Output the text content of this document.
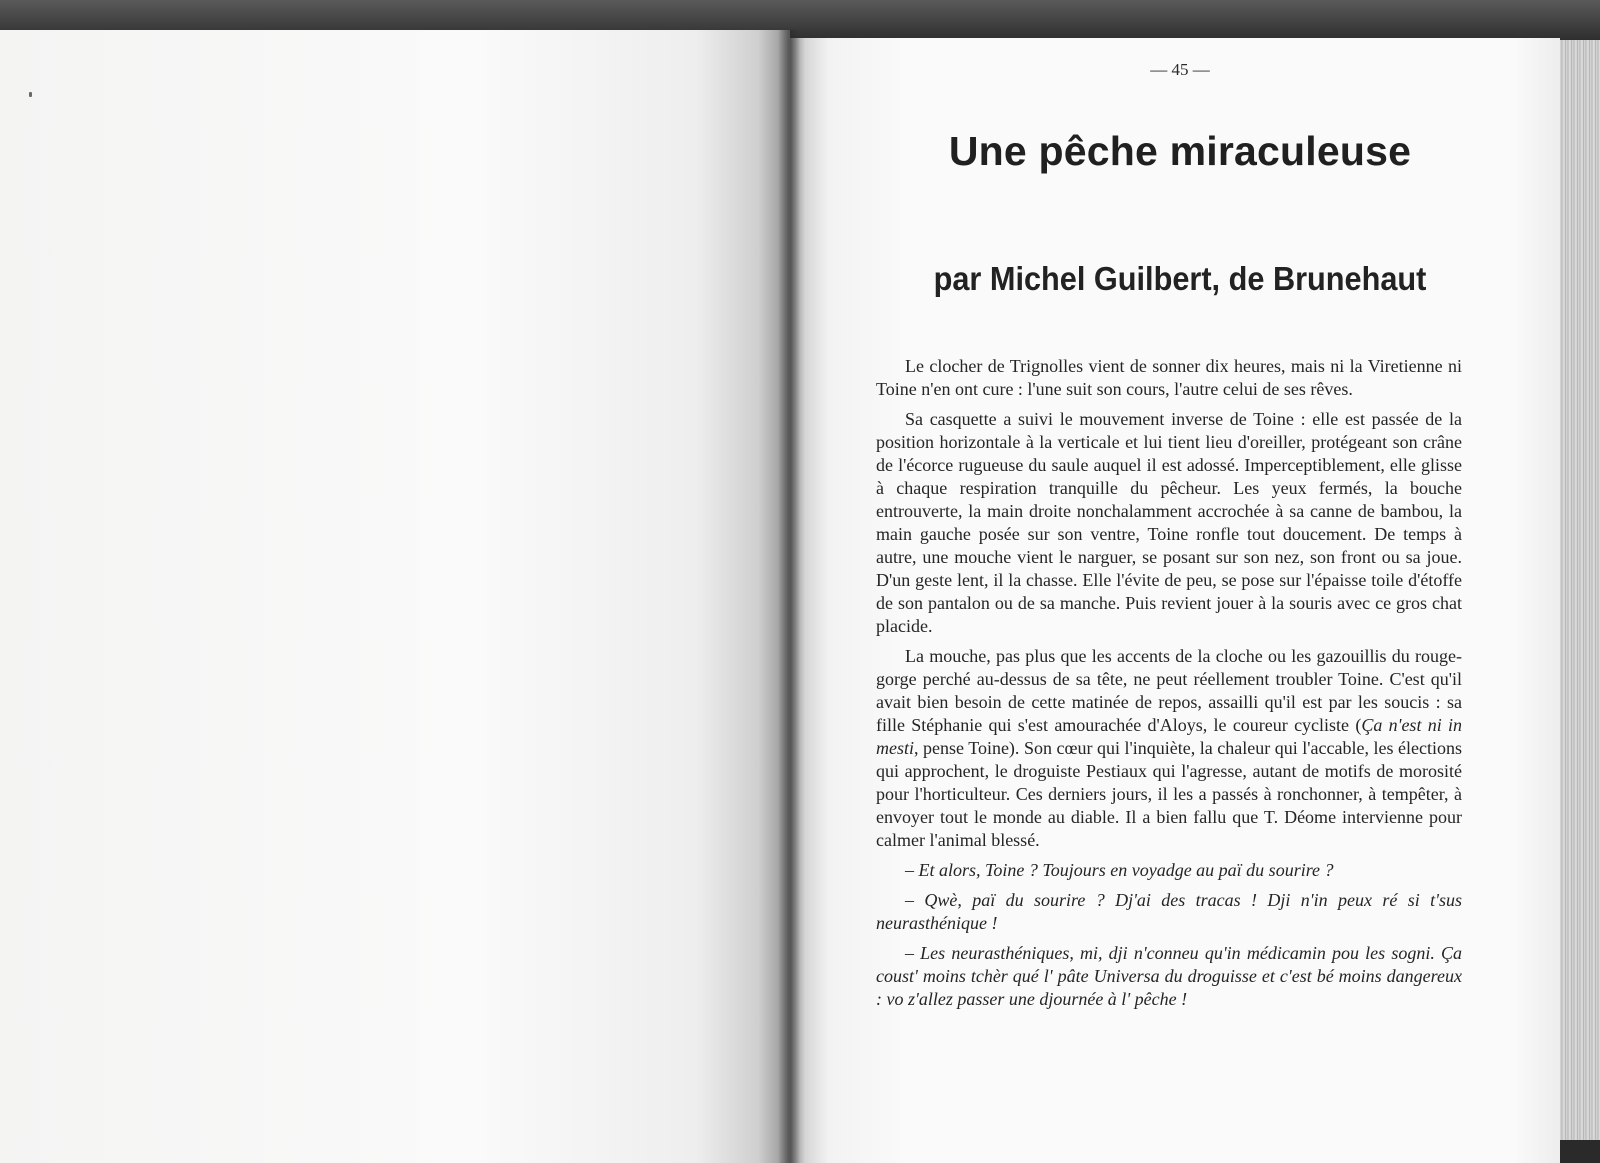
— 45 —
Une pêche miraculeuse
par Michel Guilbert, de Brunehaut

Le clocher de Trignolles vient de sonner dix heures, mais ni la Viretienne ni Toine n'en ont cure : l'une suit son cours, l'autre celui de ses rêves.

Sa casquette a suivi le mouvement inverse de Toine : elle est passée de la position horizontale à la verticale et lui tient lieu d'oreiller, protégeant son crâne de l'écorce rugueuse du saule auquel il est adossé. Imperceptiblement, elle glisse à chaque respiration tranquille du pêcheur. Les yeux fermés, la bouche entrouverte, la main droite nonchalamment accrochée à sa canne de bambou, la main gauche posée sur son ventre, Toine ronfle tout doucement. De temps à autre, une mouche vient le narguer, se posant sur son nez, son front ou sa joue. D'un geste lent, il la chasse. Elle l'évite de peu, se pose sur l'épaisse toile d'étoffe de son pantalon ou de sa manche. Puis revient jouer à la souris avec ce gros chat placide.

La mouche, pas plus que les accents de la cloche ou les gazouillis du rouge-gorge perché au-dessus de sa tête, ne peut réellement troubler Toine. C'est qu'il avait bien besoin de cette matinée de repos, assailli qu'il est par les soucis : sa fille Stéphanie qui s'est amourachée d'Aloys, le coureur cycliste (Ça n'est ni in mesti, pense Toine). Son cœur qui l'inquiète, la chaleur qui l'accable, les élections qui approchent, le droguiste Pestiaux qui l'agresse, autant de motifs de morosité pour l'horticulteur. Ces derniers jours, il les a passés à ronchonner, à tempêter, à envoyer tout le monde au diable. Il a bien fallu que T. Déome intervienne pour calmer l'animal blessé.

– Et alors, Toine ? Toujours en voyadge au paï du sourire ?

– Qwè, paï du sourire ? Dj'ai des tracas ! Dji n'in peux ré si t'sus neurasthénique !

– Les neurasthéniques, mi, dji n'conneu qu'in médicamin pou les sogni. Ça coust' moins tchèr qué l' pâte Universa du droguisse et c'est bé moins dangereux : vo z'allez passer une djournée à l' pêche !
